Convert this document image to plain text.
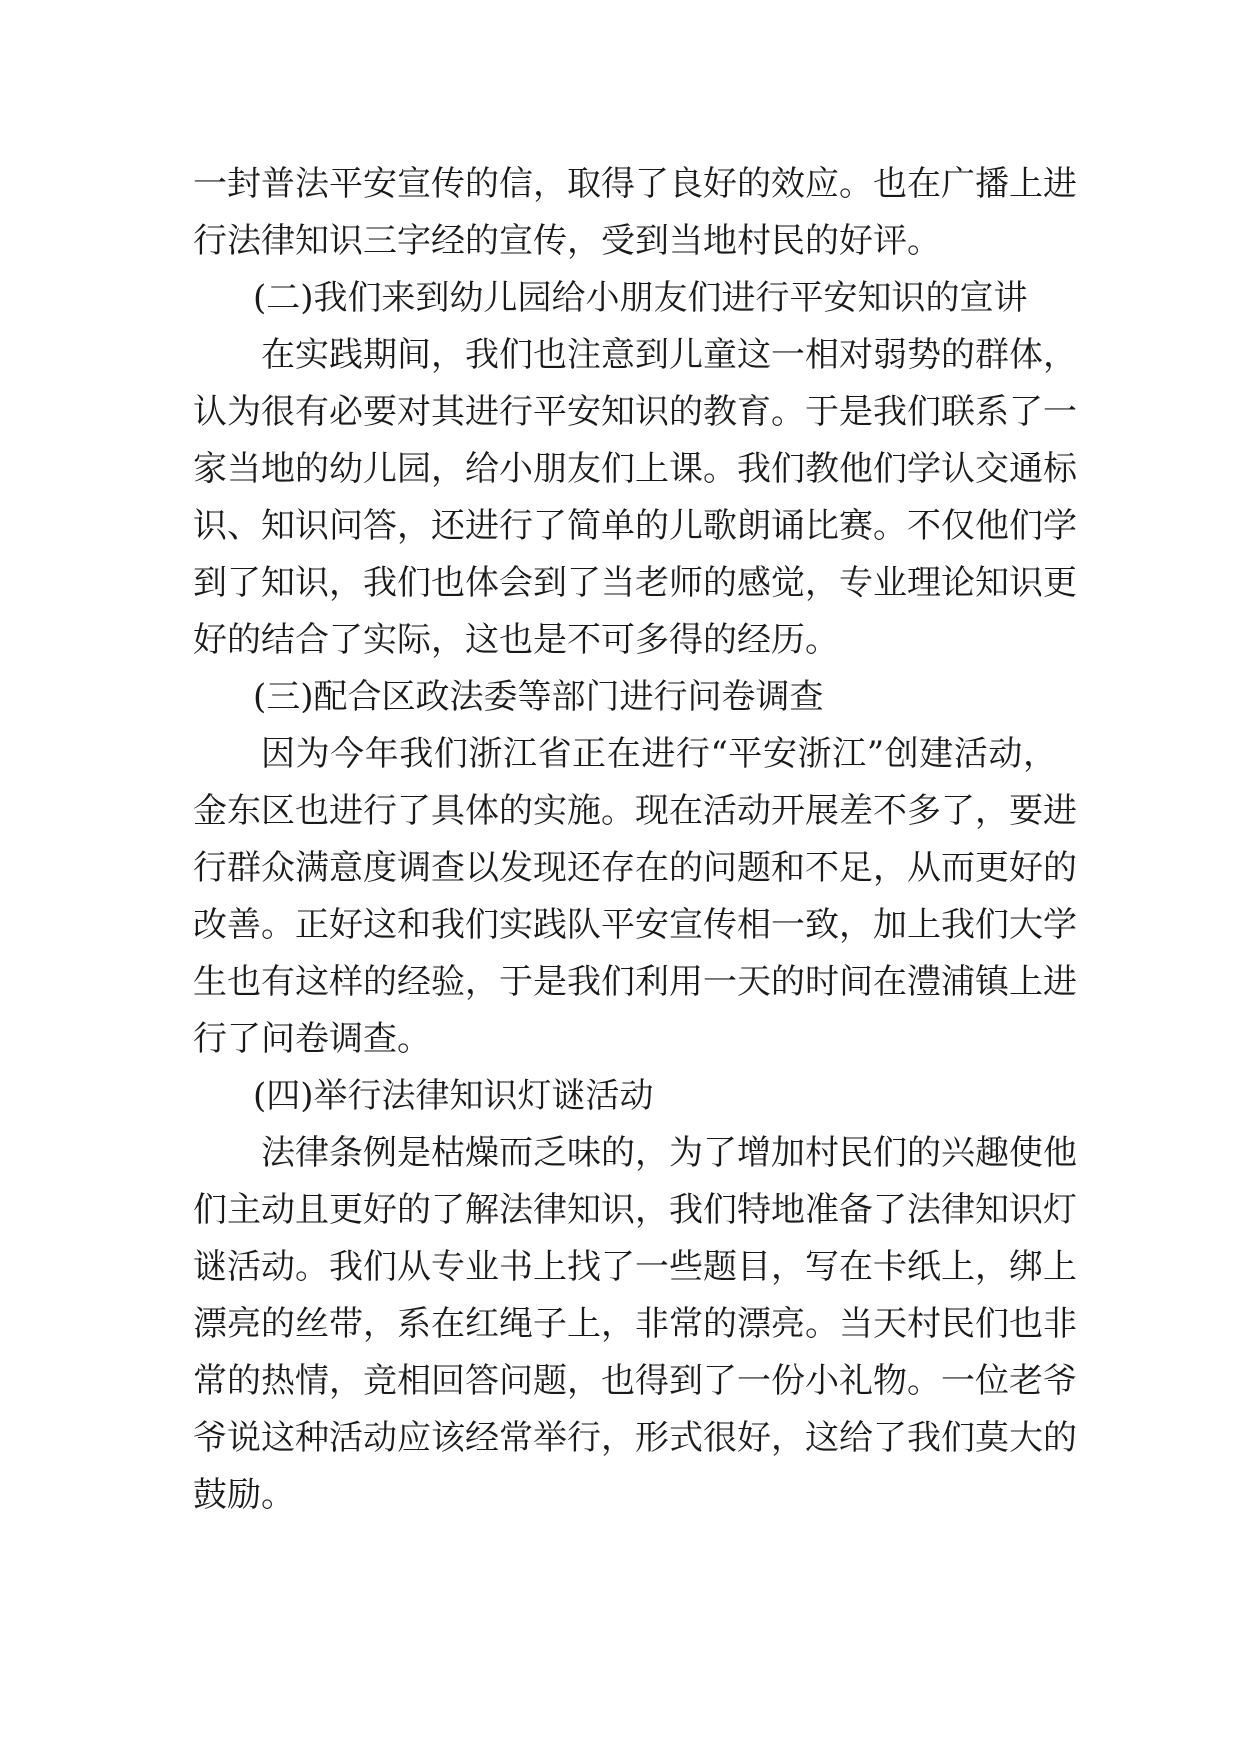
一封普法平安宣传的信，取得了良好的效应。也在广播上进
行法律知识三字经的宣传，受到当地村民的好评。
(二)我们来到幼儿园给小朋友们进行平安知识的宣讲
在实践期间，我们也注意到儿童这一相对弱势的群体，
认为很有必要对其进行平安知识的教育。于是我们联系了一
家当地的幼儿园，给小朋友们上课。我们教他们学认交通标
识、知识问答，还进行了简单的儿歌朗诵比赛。不仅他们学
到了知识，我们也体会到了当老师的感觉，专业理论知识更
好的结合了实际，这也是不可多得的经历。
(三)配合区政法委等部门进行问卷调查
因为今年我们浙江省正在进行“平安浙江”创建活动，
金东区也进行了具体的实施。现在活动开展差不多了，要进
行群众满意度调查以发现还存在的问题和不足，从而更好的
改善。正好这和我们实践队平安宣传相一致，加上我们大学
生也有这样的经验，于是我们利用一天的时间在澧浦镇上进
行了问卷调查。
(四)举行法律知识灯谜活动
法律条例是枯燥而乏味的，为了增加村民们的兴趣使他
们主动且更好的了解法律知识，我们特地准备了法律知识灯
谜活动。我们从专业书上找了一些题目，写在卡纸上，绑上
漂亮的丝带，系在红绳子上，非常的漂亮。当天村民们也非
常的热情，竞相回答问题，也得到了一份小礼物。一位老爷
爷说这种活动应该经常举行，形式很好，这给了我们莫大的
鼓励。
